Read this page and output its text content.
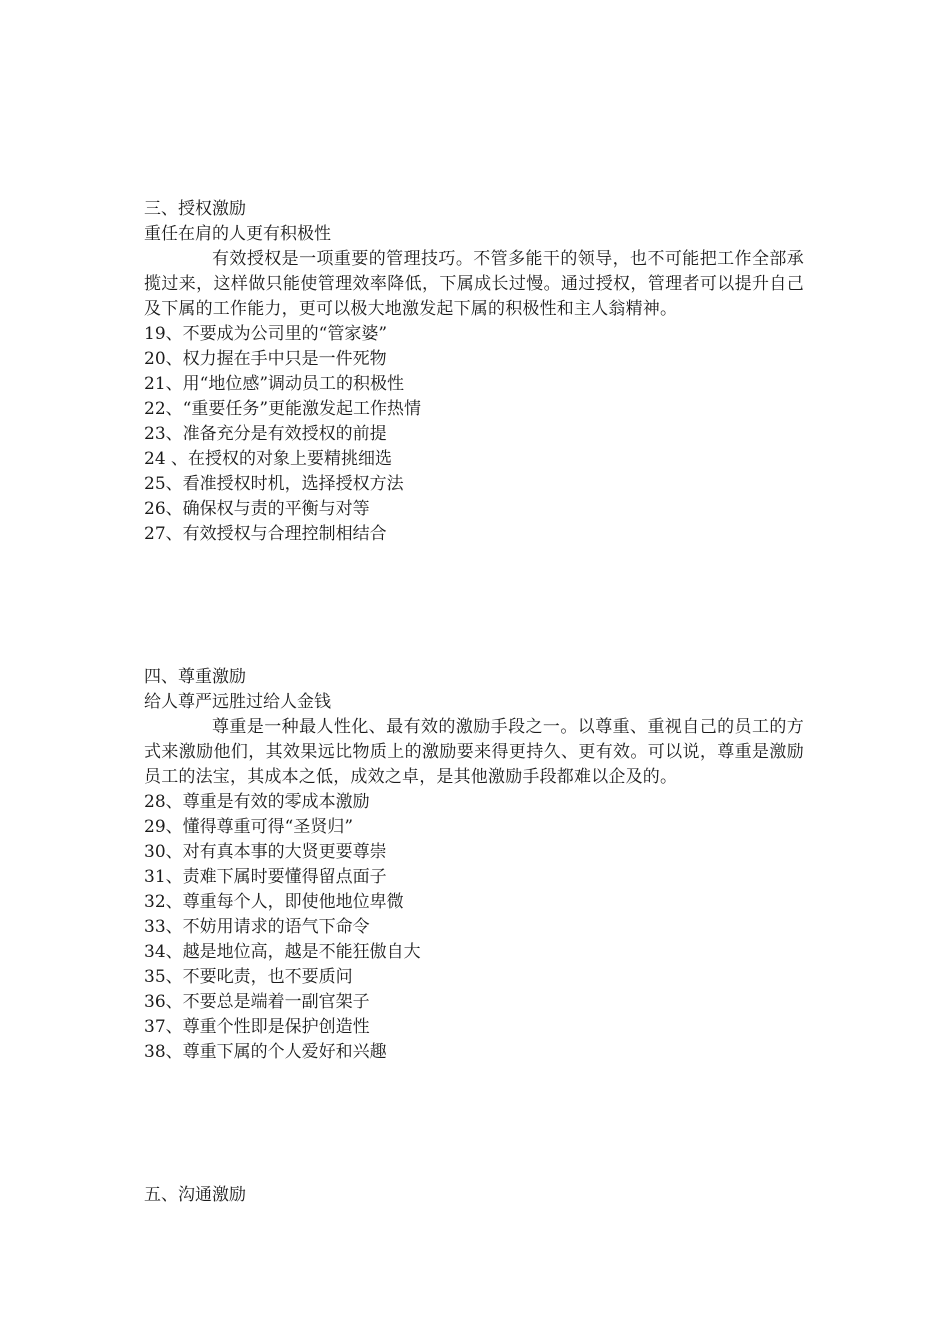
三、授权激励
重任在肩的人更有积极性
有效授权是一项重要的管理技巧。不管多能干的领导，也不可能把工作全部承揽过来，这样做只能使管理效率降低，下属成长过慢。通过授权，管理者可以提升自己及下属的工作能力，更可以极大地激发起下属的积极性和主人翁精神。
19、不要成为公司里的“管家婆”
20、权力握在手中只是一件死物
21、用“地位感”调动员工的积极性
22、“重要任务”更能激发起工作热情
23、准备充分是有效授权的前提
24 、在授权的对象上要精挑细选
25、看准授权时机，选择授权方法
26、确保权与责的平衡与对等
27、有效授权与合理控制相结合
四、尊重激励
给人尊严远胜过给人金钱
尊重是一种最人性化、最有效的激励手段之一。以尊重、重视自己的员工的方式来激励他们，其效果远比物质上的激励要来得更持久、更有效。可以说，尊重是激励员工的法宝，其成本之低，成效之卓，是其他激励手段都难以企及的。
28、尊重是有效的零成本激励
29、懂得尊重可得“圣贤归”
30、对有真本事的大贤更要尊崇
31、责难下属时要懂得留点面子
32、尊重每个人，即使他地位卑微
33、不妨用请求的语气下命令
34、越是地位高，越是不能狂傲自大
35、不要叱责，也不要质问
36、不要总是端着一副官架子
37、尊重个性即是保护创造性
38、尊重下属的个人爱好和兴趣
五、沟通激励
